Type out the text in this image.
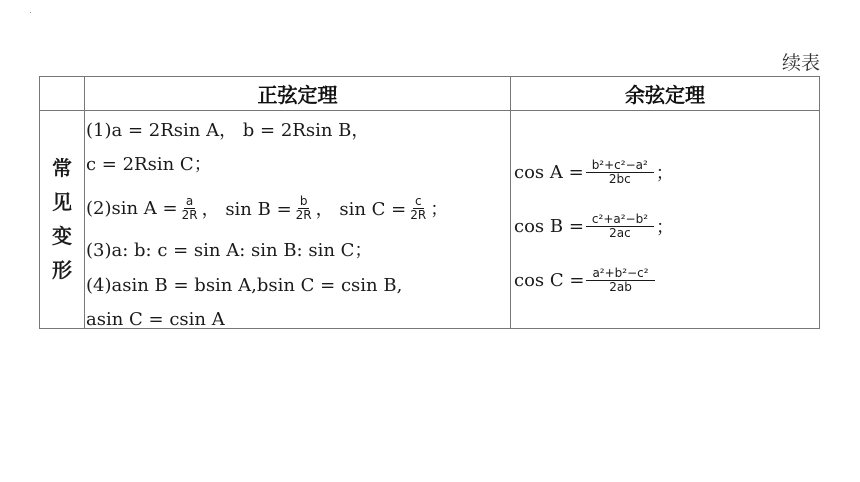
续表
正弦定理	余弦定理
常
见
变
形
(1)a = 2Rsin A， b = 2Rsin B，
c = 2Rsin C；
(2)sin $A = \frac{a}{2R}$ ， $\sin B = \frac{b}{2R}$ ， $\sin C = \frac{c}{2R}$ ；
(3)a: b: c = sin A: sin B: sin C；
(4)asin B = bsin A,bsin C = csin B,
asin C = csin A
$\cos A = \frac{\text{b²+c²−a²}}{2bc}$ ；
$\cos B = \frac{\text{c²+a²−b²}}{2ac}$ ；
$\cos C = \frac{\text{a²+b²−c²}}{2ab}$
